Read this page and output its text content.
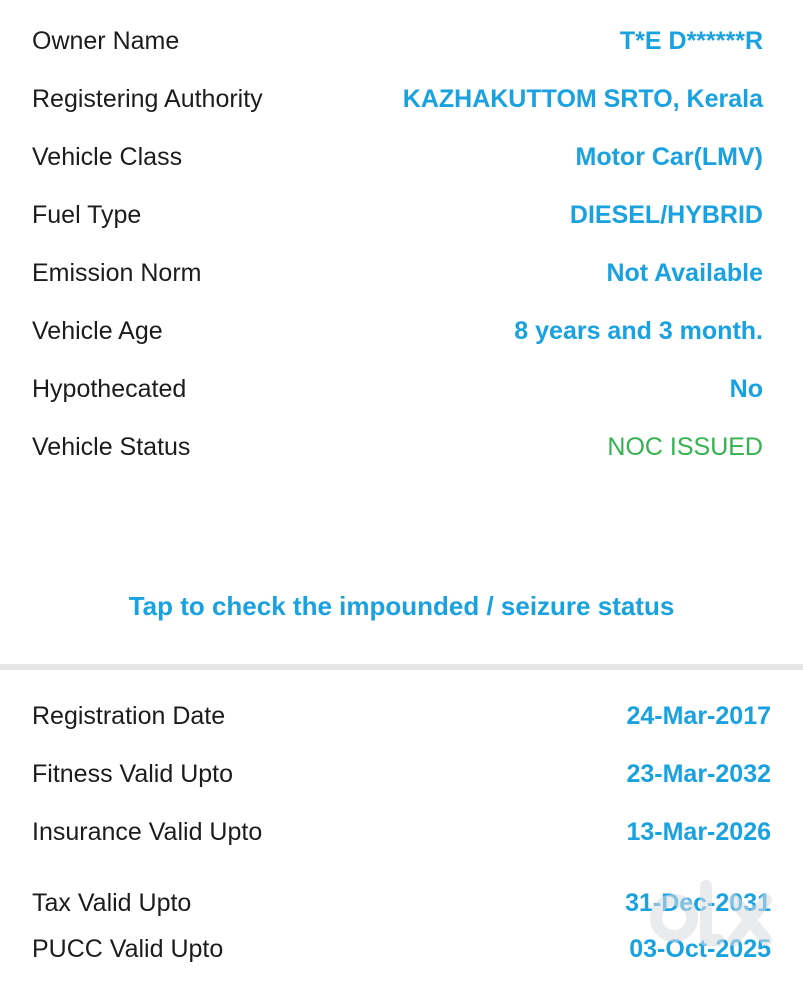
Owner Name	T*E D******R
Registering Authority	KAZHAKUTTOM SRTO, Kerala
Vehicle Class	Motor Car(LMV)
Fuel Type	DIESEL/HYBRID
Emission Norm	Not Available
Vehicle Age	8 years and 3 month.
Hypothecated	No
Vehicle Status	NOC ISSUED
Tap to check the impounded / seizure status
Registration Date	24-Mar-2017
Fitness Valid Upto	23-Mar-2032
Insurance Valid Upto	13-Mar-2026
Tax Valid Upto	31-Dec-2031
PUCC Valid Upto	03-Oct-2025
